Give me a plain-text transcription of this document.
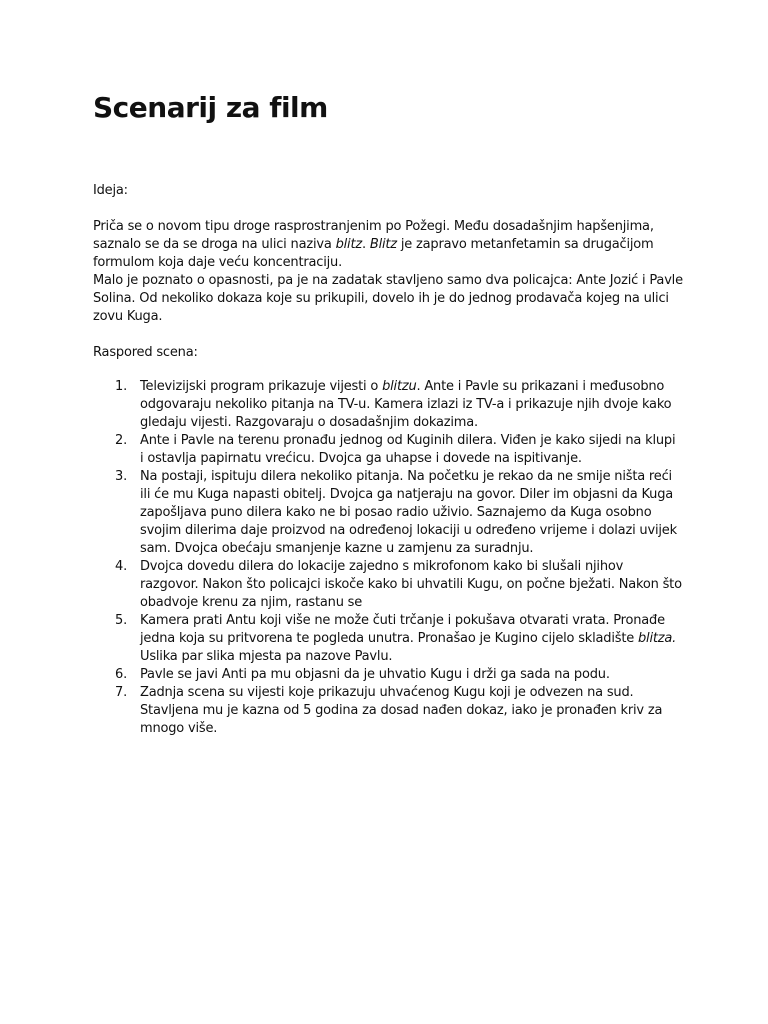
Scenarij za film

Ideja:

Priča se o novom tipu droge rasprostranjenim po Požegi. Među dosadašnjim hapšenjima,
saznalo se da se droga na ulici naziva blitz. Blitz je zapravo metanfetamin sa drugačijom
formulom koja daje veću koncentraciju.
Malo je poznato o opasnosti, pa je na zadatak stavljeno samo dva policajca: Ante Jozić i Pavle
Solina. Od nekoliko dokaza koje su prikupili, dovelo ih je do jednog prodavača kojeg na ulici
zovu Kuga.

Raspored scena:

1. Televizijski program prikazuje vijesti o blitzu. Ante i Pavle su prikazani i međusobno
odgovaraju nekoliko pitanja na TV-u. Kamera izlazi iz TV-a i prikazuje njih dvoje kako
gledaju vijesti. Razgovaraju o dosadašnjim dokazima.
2. Ante i Pavle na terenu pronađu jednog od Kuginih dilera. Viđen je kako sijedi na klupi
i ostavlja papirnatu vrećicu. Dvojca ga uhapse i dovede na ispitivanje.
3. Na postaji, ispituju dilera nekoliko pitanja. Na početku je rekao da ne smije ništa reći
ili će mu Kuga napasti obitelj. Dvojca ga natjeraju na govor. Diler im objasni da Kuga
zapošljava puno dilera kako ne bi posao radio uživio. Saznajemo da Kuga osobno
svojim dilerima daje proizvod na određenoj lokaciji u određeno vrijeme i dolazi uvijek
sam. Dvojca obećaju smanjenje kazne u zamjenu za suradnju.
4. Dvojca dovedu dilera do lokacije zajedno s mikrofonom kako bi slušali njihov
razgovor. Nakon što policajci iskoče kako bi uhvatili Kugu, on počne bježati. Nakon što
obadvoje krenu za njim, rastanu se
5. Kamera prati Antu koji više ne može čuti trčanje i pokušava otvarati vrata. Pronađe
jedna koja su pritvorena te pogleda unutra. Pronašao je Kugino cijelo skladište blitza.
Uslika par slika mjesta pa nazove Pavlu.
6. Pavle se javi Anti pa mu objasni da je uhvatio Kugu i drži ga sada na podu.
7. Zadnja scena su vijesti koje prikazuju uhvaćenog Kugu koji je odvezen na sud.
Stavljena mu je kazna od 5 godina za dosad nađen dokaz, iako je pronađen kriv za
mnogo više.
